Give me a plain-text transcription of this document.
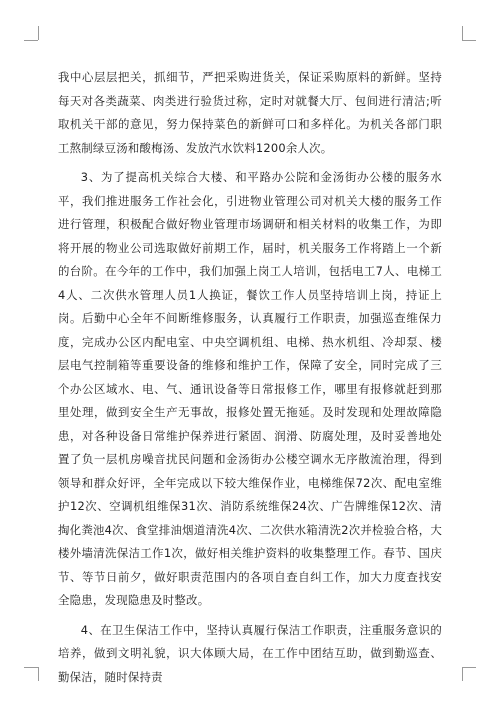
我中心层层把关，抓细节，严把采购进货关，保证采购原料的新鲜。坚持每天对各类蔬菜、肉类进行验货过称，定时对就餐大厅、包间进行清洁;听取机关干部的意见，努力保持菜色的新鲜可口和多样化。为机关各部门职工熬制绿豆汤和酸梅汤、发放汽水饮料1200余人次。

3、为了提高机关综合大楼、和平路办公院和金汤街办公楼的服务水平，我们推进服务工作社会化，引进物业管理公司对机关大楼的服务工作进行管理，积极配合做好物业管理市场调研和相关材料的收集工作，为即将开展的物业公司选取做好前期工作，届时，机关服务工作将踏上一个新的台阶。在今年的工作中，我们加强上岗工人培训，包括电工7人、电梯工4人、二次供水管理人员1人换证，餐饮工作人员坚持培训上岗，持证上岗。后勤中心全年不间断维修服务，认真履行工作职责，加强巡查维保力度，完成办公区内配电室、中央空调机组、电梯、热水机组、冷却泵、楼层电气控制箱等重要设备的维修和维护工作，保障了安全，同时完成了三个办公区域水、电、气、通讯设备等日常报修工作，哪里有报修就赶到那里处理，做到安全生产无事故，报修处置无拖延。及时发现和处理故障隐患，对各种设备日常维护保养进行紧固、润滑、防腐处理，及时妥善地处置了负一层机房噪音扰民问题和金汤街办公楼空调水无序散流治理，得到领导和群众好评，全年完成以下较大维保作业，电梯维保72次、配电室维护12次、空调机组维保31次、消防系统维保24次、广告牌维保12次、清掏化粪池4次、食堂排油烟道清洗4次、二次供水箱清洗2次并检验合格，大楼外墙清洗保洁工作1次，做好相关维护资料的收集整理工作。春节、国庆节、等节日前夕，做好职责范围内的各项自查自纠工作，加大力度查找安全隐患，发现隐患及时整改。

4、在卫生保洁工作中，坚持认真履行保洁工作职责，注重服务意识的培养，做到文明礼貌，识大体顾大局，在工作中团结互助，做到勤巡查、勤保洁，随时保持责
